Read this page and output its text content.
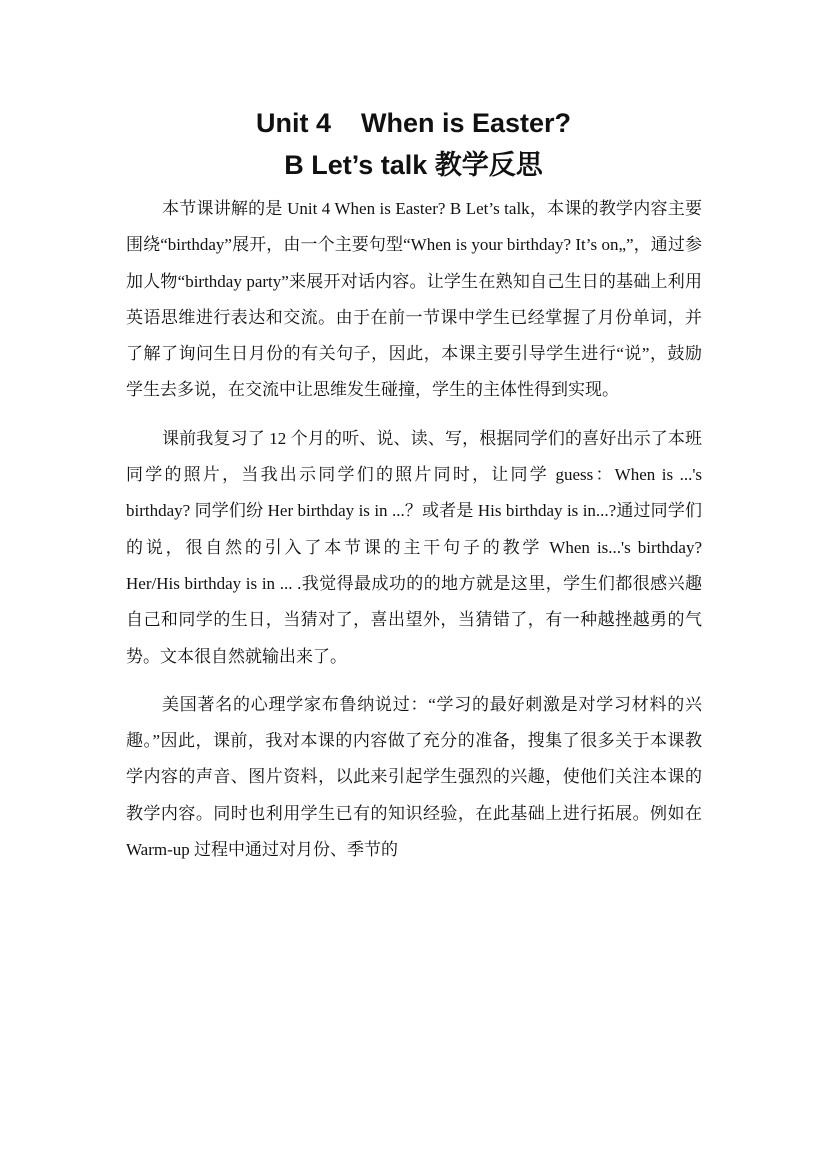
Unit 4    When is Easter?
B Let’s talk 教学反思

本节课讲解的是 Unit 4 When is Easter? B Let’s talk，本课的教学内容主要围绕“birthday”展开，由一个主要句型“When is your birthday? It’s on„”，通过参加人物“birthday party”来展开对话内容。让学生在熟知自己生日的基础上利用英语思维进行表达和交流。由于在前一节课中学生已经掌握了月份单词，并了解了询问生日月份的有关句子，因此，本课主要引导学生进行“说”，鼓励学生去多说，在交流中让思维发生碰撞，学生的主体性得到实现。

课前我复习了 12 个月的听、说、读、写，根据同学们的喜好出示了本班同学的照片，当我出示同学们的照片同时，让同学 guess：When is ...'s birthday? 同学们纷 Her birthday is in ...？或者是 His birthday is in...?通过同学们的说，很自然的引入了本节课的主干句子的教学 When is...'s birthday?　Her/His birthday is in ... .我觉得最成功的的地方就是这里，学生们都很感兴趣自己和同学的生日，当猜对了，喜出望外，当猜错了，有一种越挫越勇的气势。文本很自然就输出来了。

美国著名的心理学家布鲁纳说过：“学习的最好刺激是对学习材料的兴趣。”因此，课前，我对本课的内容做了充分的准备，搜集了很多关于本课教学内容的声音、图片资料，以此来引起学生强烈的兴趣，使他们关注本课的教学内容。同时也利用学生已有的知识经验，在此基础上进行拓展。例如在 Warm-up 过程中通过对月份、季节的
